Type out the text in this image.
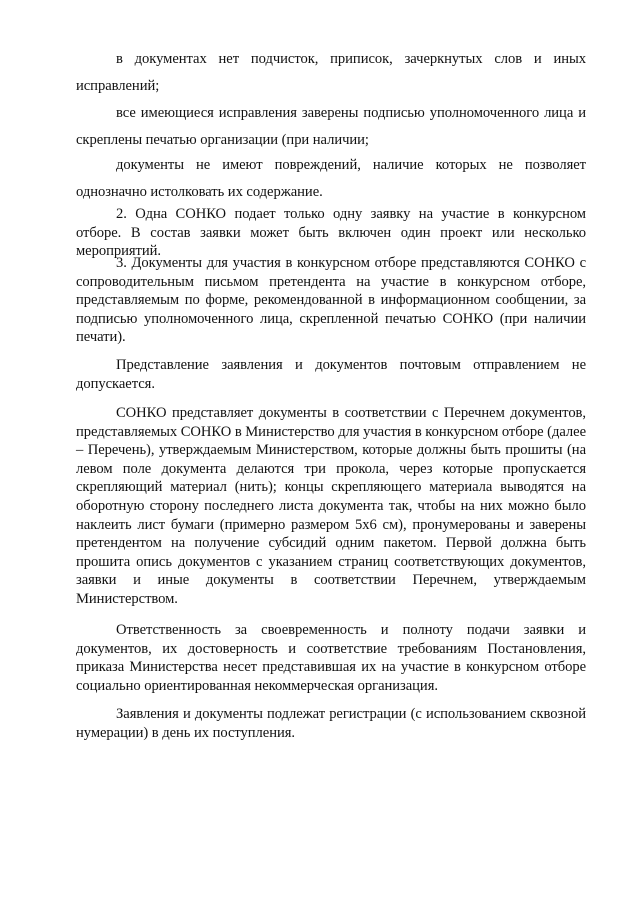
в документах нет подчисток, приписок, зачеркнутых слов и иных исправлений;

все имеющиеся исправления заверены подписью уполномоченного лица и скреплены печатью организации (при наличии;

документы не имеют повреждений, наличие которых не позволяет однозначно истолковать их содержание.

2. Одна СОНКО подает только одну заявку на участие в конкурсном отборе. В состав заявки может быть включен один проект или несколько мероприятий.

3. Документы для участия в конкурсном отборе представляются СОНКО с сопроводительным письмом претендента на участие в конкурсном отборе, представляемым по форме, рекомендованной в информационном сообщении, за подписью уполномоченного лица, скрепленной печатью СОНКО (при наличии печати).

Представление заявления и документов почтовым отправлением не допускается.

СОНКО представляет документы в соответствии с Перечнем документов, представляемых СОНКО в Министерство для участия в конкурсном отборе (далее – Перечень), утверждаемым Министерством, которые должны быть прошиты (на левом поле документа делаются три прокола, через которые пропускается скрепляющий материал (нить); концы скрепляющего материала выводятся на оборотную сторону последнего листа документа так, чтобы на них можно было наклеить лист бумаги (примерно размером 5х6 см), пронумерованы и заверены претендентом на получение субсидий одним пакетом. Первой должна быть прошита опись документов с указанием страниц соответствующих документов, заявки и иные документы в соответствии Перечнем, утверждаемым Министерством.

Ответственность за своевременность и полноту подачи заявки и документов, их достоверность и соответствие требованиям Постановления, приказа Министерства несет представившая их на участие в конкурсном отборе социально ориентированная некоммерческая организация.

Заявления и документы подлежат регистрации (с использованием сквозной нумерации) в день их поступления.
